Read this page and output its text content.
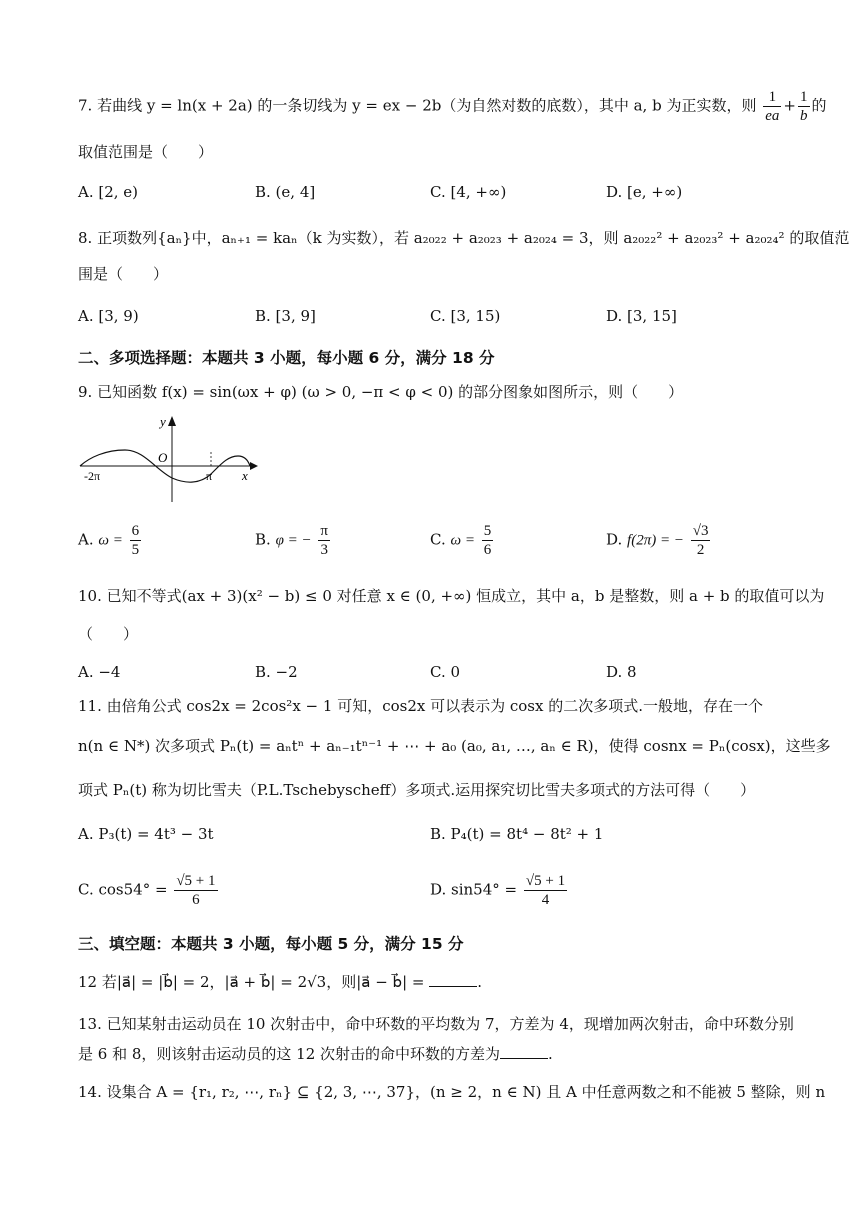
7. 若曲线 y = ln(x + 2a) 的一条切线为 y = ex − 2b（为自然对数的底数），其中 a, b 为正实数，则 $\frac{1}{ea} + \frac{1}{b}$ 的
取值范围是（　　）
A. [2, e)	B. (e, 4]	C. [4, +∞)	D. [e, +∞)
8. 正项数列{aₙ}中，aₙ₊₁ = kaₙ（k 为实数），若 a₂₀₂₂ + a₂₀₂₃ + a₂₀₂₄ = 3，则 a₂₀₂₂² + a₂₀₂₃² + a₂₀₂₄² 的取值范
围是（　　）
A. [3, 9)	B. [3, 9]	C. [3, 15)	D. [3, 15]
二、多项选择题：本题共 3 小题，每小题 6 分，满分 18 分
9. 已知函数 f(x) = sin(ωx + φ) (ω > 0, −π < φ < 0) 的部分图象如图所示，则（　　）
y
x
O
-2π	π
A. $\omega = \frac{6}{5}$	B. φ = − $\frac{\pi}{3}$	C. $\omega = \frac{5}{6}$	D. f(2π) = − $\frac{√3}{2}$
10. 已知不等式(ax + 3)(x² − b) ≤ 0 对任意 x ∈ (0, +∞) 恒成立，其中 a，b 是整数，则 a + b 的取值可以为
（　　）
A. −4	B. −2	C. 0	D. 8
11. 由倍角公式 cos2x = 2cos²x − 1 可知，cos2x 可以表示为 cosx 的二次多项式.一般地，存在一个
n(n ∈ N*) 次多项式 Pₙ(t) = aₙtⁿ + aₙ₋₁tⁿ⁻¹ + ⋯ + a₀ (a₀, a₁, …, aₙ ∈ R)，使得 cosnx = Pₙ(cosx)，这些多
项式 Pₙ(t) 称为切比雪夫（P.L.Tschebyscheff）多项式.运用探究切比雪夫多项式的方法可得（　　）
A. P₃(t) = 4t³ − 3t	B. P₄(t) = 8t⁴ − 8t² + 1
C. $\cos 54^\circ = \frac{√5 + 1}{6}$	D. $\sin 54^\circ = \frac{√5 + 1}{4}$
三、填空题：本题共 3 小题，每小题 5 分，满分 15 分
12 若|a⃗| = |b⃗| = 2，|a⃗ + b⃗| = 2√3，则|a⃗ − b⃗| =	.
13. 已知某射击运动员在 10 次射击中，命中环数的平均数为 7，方差为 4，现增加两次射击，命中环数分别
是 6 和 8，则该射击运动员的这 12 次射击的命中环数的方差为	.
14. 设集合 A = {r₁, r₂, ⋯, rₙ} ⊆ {2, 3, ⋯, 37}，(n ≥ 2，n ∈ N) 且 A 中任意两数之和不能被 5 整除，则 n
